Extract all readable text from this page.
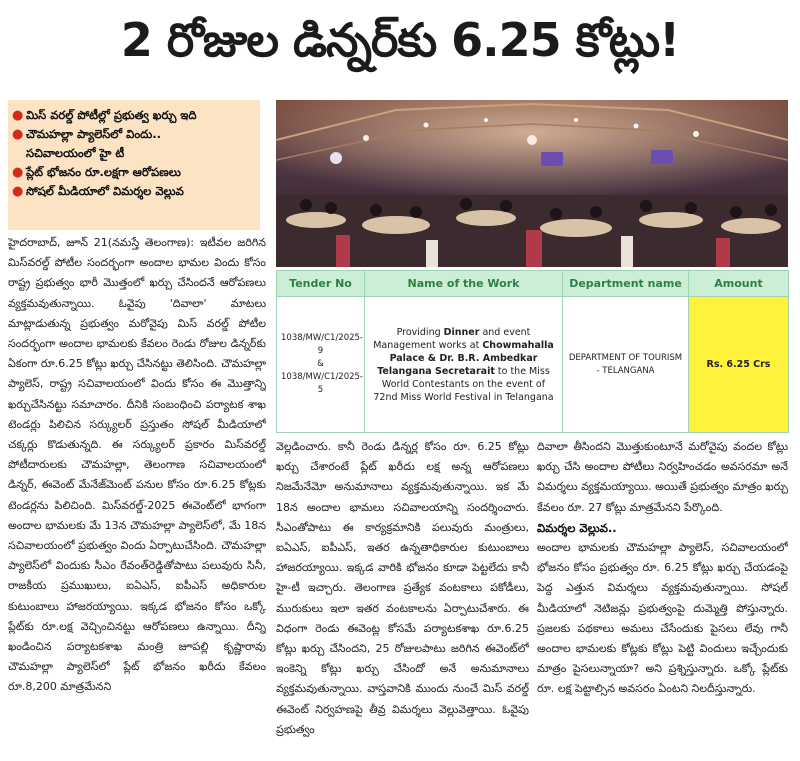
2 రోజుల డిన్నర్‌కు 6.25 కోట్లు!
● మిస్ వరల్డ్ పోటీల్లో ప్రభుత్వ ఖర్చు ఇది
● చౌమహల్లా ప్యాలెస్‌లో విందు..
సచివాలయంలో హై టీ
● ప్లేట్ భోజనం రూ.లక్షగా ఆరోపణలు
● సోషల్ మీడియాలో విమర్శల వెల్లువ
Tender No	Name of the Work	Department name	Amount
1038/MW/C1/2025-9
&
1038/MW/C1/2025-5	Providing Dinner and event Management works at Chowmahalla Palace & Dr. B.R. Ambedkar Telangana Secretarait to the Miss World Contestants on the event of 72nd Miss World Festival in Telangana	DEPARTMENT OF TOURISM - TELANGANA	Rs. 6.25 Crs

హైదరాబాద్, జూన్ 21(నమస్తే తెలంగాణ): ఇటీవల జరిగిన మిస్‌వరల్డ్ పోటీల సందర్భంగా అందాల భామల విందు కోసం రాష్ట్ర ప్రభుత్వం భారీ మొత్తంలో ఖర్చు చేసిందనే ఆరోపణలు వ్యక్తమవుతున్నాయి. ఓవైపు 'దివాలా' మాటలు మాట్లాడుతున్న ప్రభుత్వం మరోవైపు మిస్ వరల్డ్ పోటీల సందర్భంగా అందాల భామలకు కేవలం రెండు రోజుల డిన్నర్‌కు ఏకంగా రూ.6.25 కోట్లు ఖర్చు చేసినట్టు తెలిసింది. చౌమహల్లా ప్యాలెస్, రాష్ట్ర సచివాలయంలో విందు కోసం ఈ మొత్తాన్ని ఖర్చుచేసినట్టు సమాచారం. దీనికి సంబంధించి పర్యాటక శాఖ టెండర్లు పిలిచిన సర్క్యులర్ ప్రస్తుతం సోషల్ మీడియాలో చక్కర్లు కొడుతున్నది. ఈ సర్క్యులర్ ప్రకారం మిస్‌వరల్డ్ పోటీదారులకు చౌమహల్లా, తెలంగాణ సచివాలయంలో డిన్నర్, ఈవెంట్ మేనేజ్‌మెంట్ పనుల కోసం రూ.6.25 కోట్లకు టెండర్లను పిలిచింది. మిస్‌వరల్డ్-2025 ఈవెంట్‌లో భాగంగా అందాల భామలకు మే 13న చౌమహల్లా ప్యాలెస్‌లో, మే 18న సచివాలయంలో ప్రభుత్వం విందు ఏర్పాటుచేసింది. చౌమహల్లా ప్యాలెస్‌లో విందుకు సీఎం రేవంత్‌రెడ్డితోపాటు పలువురు సినీ, రాజకీయ ప్రముఖులు, ఐఏఎస్, ఐపీఎస్ అధికారుల కుటుంబాలు హాజరయ్యాయి. ఇక్కడ భోజనం కోసం ఒక్కో ప్లేట్‌కు రూ.లక్ష వెచ్చించినట్టు ఆరోపణలు ఉన్నాయి. దీన్ని ఖండించిన పర్యాటకశాఖ మంత్రి జూపల్లి కృష్ణారావు చౌమహల్లా ప్యాలెస్‌లో ప్లేట్ భోజనం ఖరీదు కేవలం రూ.8,200 మాత్రమేనని

వెల్లడించారు. కానీ రెండు డిన్నర్ల కోసం రూ. 6.25 కోట్లు ఖర్చు చేశారంటే ప్లేట్ ఖరీదు లక్ష అన్న ఆరోపణలు నిజమేనేమో అనుమానాలు వ్యక్తమవుతున్నాయి. ఇక మే 18న అందాల భామలు సచివాలయాన్ని సందర్శించారు. సీఎంతోపాటు ఈ కార్యక్రమానికి పలువురు మంత్రులు, ఐఏఎస్, ఐపీఎస్, ఇతర ఉన్నతాధికారుల కుటుంబాలు హాజరయ్యాయి. ఇక్కడ వారికి భోజనం కూడా పెట్టలేదు కానీ హై-టీ ఇచ్చారు. తెలంగాణ ప్రత్యేక వంటకాలు పకోడీలు, మురుకులు ఇలా ఇతర వంటకాలను ఏర్పాటుచేశారు. ఈ విధంగా రెండు ఈవెంట్ల కోసమే పర్యాటకశాఖ రూ.6.25 కోట్లు ఖర్చు చేసిందని, 25 రోజులపాటు జరిగిన ఈవెంట్‌లో ఇంకెన్ని కోట్లు ఖర్చు చేసిందో అనే అనుమానాలు వ్యక్తమవుతున్నాయి. వాస్తవానికి ముందు నుంచే మిస్ వరల్డ్ ఈవెంట్ నిర్వహణపై తీవ్ర విమర్శలు వెల్లువెత్తాయి. ఓవైపు ప్రభుత్వం

దివాలా తీసిందని మొత్తుకుంటూనే మరోవైపు వందల కోట్లు ఖర్చు చేసి అందాల పోటీలు నిర్వహించడం అవసరమా అనే విమర్శలు వ్యక్తమయ్యాయి. అయితే ప్రభుత్వం మాత్రం ఖర్చు కేవలం రూ. 27 కోట్లు మాత్రమేనని పేర్కొంది.

విమర్శల వెల్లువ..

అందాల భామలకు చౌమహల్లా ప్యాలెస్, సచివాలయంలో భోజనం కోసం ప్రభుత్వం రూ. 6.25 కోట్లు ఖర్చు చేయడంపై పెద్ద ఎత్తున విమర్శలు వ్యక్తమవుతున్నాయి. సోషల్ మీడియాలో నెటిజన్లు ప్రభుత్వంపై దుమ్మెత్తి పోస్తున్నారు. ప్రజలకు పథకాలు అమలు చేసేందుకు పైసలు లేవు గానీ అందాల భామలకు కోట్లకు కోట్లు పెట్టి విందులు ఇచ్చేందుకు మాత్రం పైసలున్నాయా? అని ప్రశ్నిస్తున్నారు. ఒక్కో ప్లేట్‌కు రూ. లక్ష పెట్టాల్సిన అవసరం ఏంటని నిలదీస్తున్నారు.
